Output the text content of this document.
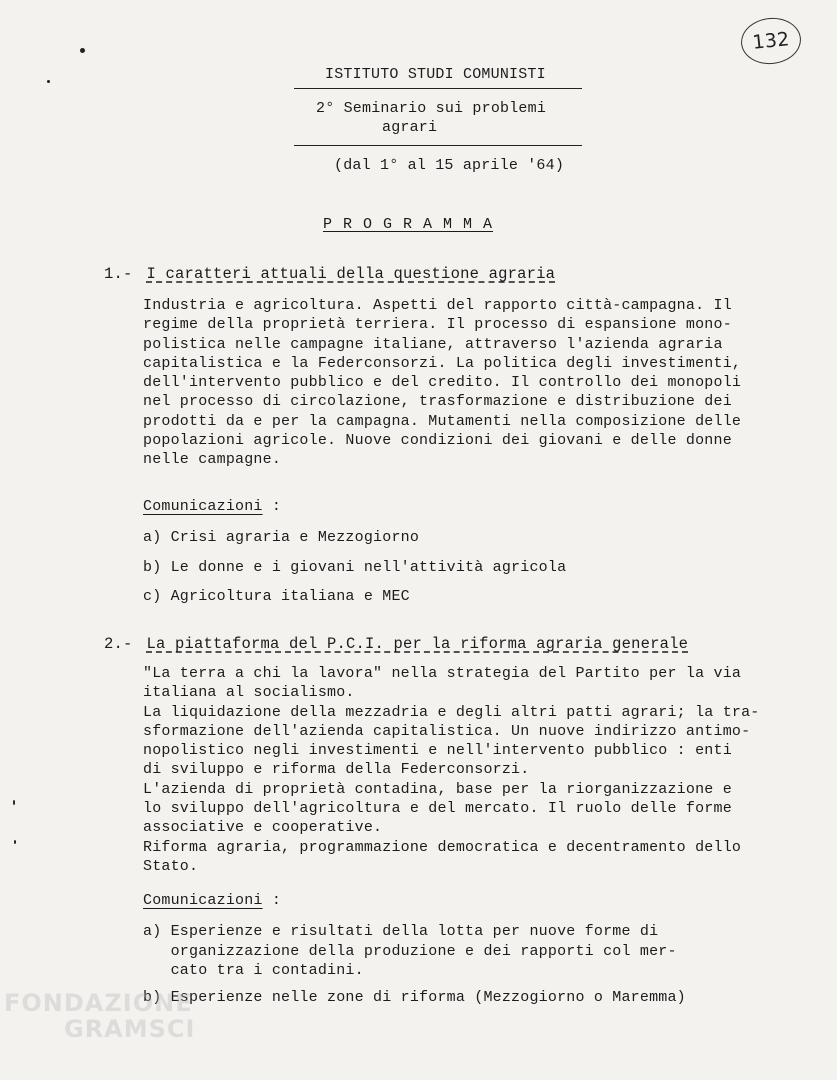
132
ISTITUTO STUDI COMUNISTI
2° Seminario sui problemi
agrari
(dal 1° al 15 aprile '64)
P R O G R A M M A
1.- I caratteri attuali della questione agraria
Industria e agricoltura. Aspetti del rapporto città-campagna. Il
regime della proprietà terriera. Il processo di espansione mono-
polistica nelle campagne italiane, attraverso l'azienda agraria
capitalistica e la Federconsorzi. La politica degli investimenti,
dell'intervento pubblico e del credito. Il controllo dei monopoli
nel processo di circolazione, trasformazione e distribuzione dei
prodotti da e per la campagna. Mutamenti nella composizione delle
popolazioni agricole. Nuove condizioni dei giovani e delle donne
nelle campagne.
Comunicazioni :
a) Crisi agraria e Mezzogiorno
b) Le donne e i giovani nell'attività agricola
c) Agricoltura italiana e MEC
2.- La piattaforma del P.C.I. per la riforma agraria generale
"La terra a chi la lavora" nella strategia del Partito per la via
italiana al socialismo.
La liquidazione della mezzadria e degli altri patti agrari; la tra-
sformazione dell'azienda capitalistica. Un nuove indirizzo antimo-
nopolistico negli investimenti e nell'intervento pubblico : enti
di sviluppo e riforma della Federconsorzi.
L'azienda di proprietà contadina, base per la riorganizzazione e
lo sviluppo dell'agricoltura e del mercato. Il ruolo delle forme
associative e cooperative.
Riforma agraria, programmazione democratica e decentramento dello
Stato.
Comunicazioni :
a) Esperienze e risultati della lotta per nuove forme di
organizzazione della produzione e dei rapporti col mer-
cato tra i contadini.
b) Esperienze nelle zone di riforma (Mezzogiorno o Maremma)
FONDAZIONE
GRAMSCI
